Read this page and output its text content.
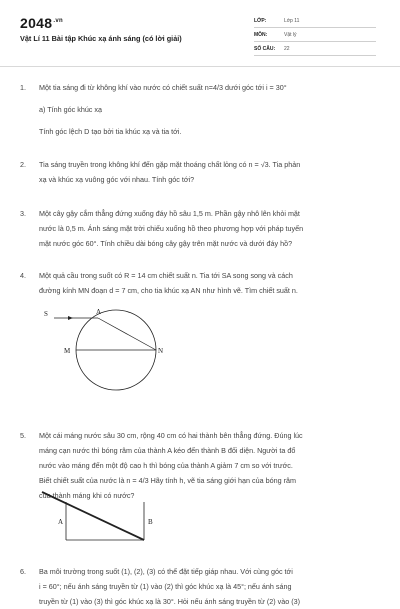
$2048^{.vn}$
Vật Lí 11 Bài tập Khúc xạ ánh sáng (có lời giải)
LỚP:	Lớp 11
MÔN:	Vật lý
SỐ CÂU:	22
1. Một tia sáng đi từ không khí vào nước có chiết suất n=4/3 dưới góc tới i = 30°

a) Tính góc khúc xạ

Tính góc lệch D tạo bởi tia khúc xạ và tia tới.

2. Tia sáng truyền trong không khí đến gặp mặt thoáng chất lỏng có n = √3. Tia phản

xạ và khúc xạ vuông góc với nhau. Tính góc tới?

3. Một cây gậy cắm thẳng đứng xuống đáy hồ sâu 1,5 m. Phần gậy nhô lên khỏi mặt

nước là 0,5 m. Ánh sáng mặt trời chiếu xuống hồ theo phương hợp với pháp tuyến

mặt nước góc 60°. Tính chiều dài bóng cây gậy trên mặt nước và dưới đáy hồ?

4. Một quả cầu trong suốt có R = 14 cm chiết suất n. Tia tới SA song song và cách

đường kính MN đoạn d = 7 cm, cho tia khúc xạ AN như hình vẽ. Tìm chiết suất n.

S	A
M	N
5. Một cái máng nước sâu 30 cm, rộng 40 cm có hai thành bên thẳng đứng. Đúng lúc

máng cạn nước thì bóng râm của thành A kéo đến thành B đối diện. Người ta đổ

nước vào máng đến một độ cao h thì bóng của thành A giảm 7 cm so với trước.

Biết chiết suất của nước là n = 4/3 Hãy tính h, vẽ tia sáng giới hạn của bóng râm

của thành máng khi có nước?

A	B
6. Ba môi trường trong suốt (1), (2), (3) có thể đặt tiếp giáp nhau. Với cùng góc tới

i = 60°; nếu ánh sáng truyền từ (1) vào (2) thì góc khúc xạ là 45°; nếu ánh sáng

truyền từ (1) vào (3) thì góc khúc xạ là 30°. Hỏi nếu ánh sáng truyền từ (2) vào (3)
